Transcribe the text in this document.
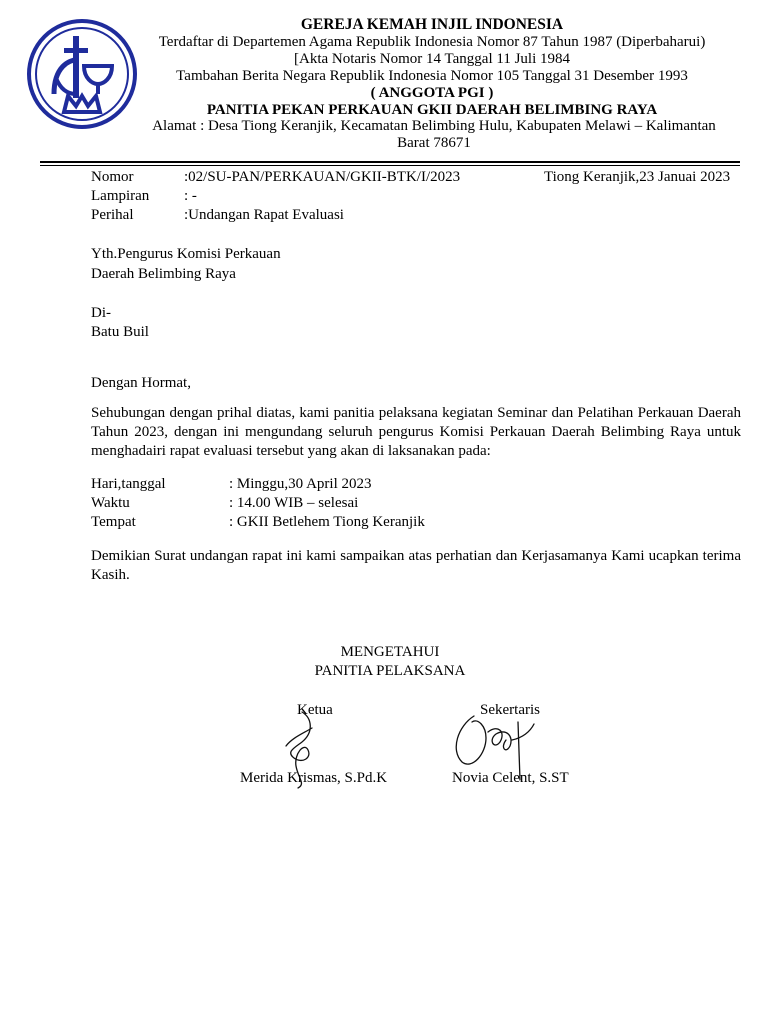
GEREJA KEMAH INJIL INDONESIA
Terdaftar di Departemen Agama Republik Indonesia Nomor 87 Tahun 1987 (Diperbaharui)
[Akta Notaris Nomor 14 Tanggal 11 Juli 1984
Tambahan Berita Negara Republik Indonesia Nomor 105 Tanggal 31 Desember 1993
( ANGGOTA PGI )
PANITIA PEKAN PERKAUAN GKII DAERAH BELIMBING RAYA
Alamat : Desa Tiong Keranjik, Kecamatan Belimbing Hulu, Kabupaten Melawi – Kalimantan Barat 78671
Nomor	:02/SU-PAN/PERKAUAN/GKII-BTK/I/2023	Tiong Keranjik,23 Januai 2023
Lampiran : -
Perihal	:Undangan Rapat Evaluasi
Yth.Pengurus Komisi Perkauan
Daerah Belimbing Raya
Di-
Batu Buil
Dengan Hormat,
Sehubungan dengan prihal diatas, kami panitia pelaksana kegiatan Seminar dan Pelatihan Perkauan Daerah Tahun 2023, dengan ini mengundang seluruh pengurus Komisi Perkauan Daerah Belimbing Raya untuk menghadairi rapat evaluasi tersebut yang akan di laksanakan pada:
Hari,tanggal	: Minggu,30 April 2023
Waktu	: 14.00 WIB – selesai
Tempat	: GKII Betlehem Tiong Keranjik
Demikian Surat undangan rapat ini kami sampaikan atas perhatian dan Kerjasamanya Kami ucapkan terima Kasih.
MENGETAHUI
PANITIA PELAKSANA
Ketua	Sekertaris
Merida Krismas, S.Pd.K	Novia Celent, S.ST
